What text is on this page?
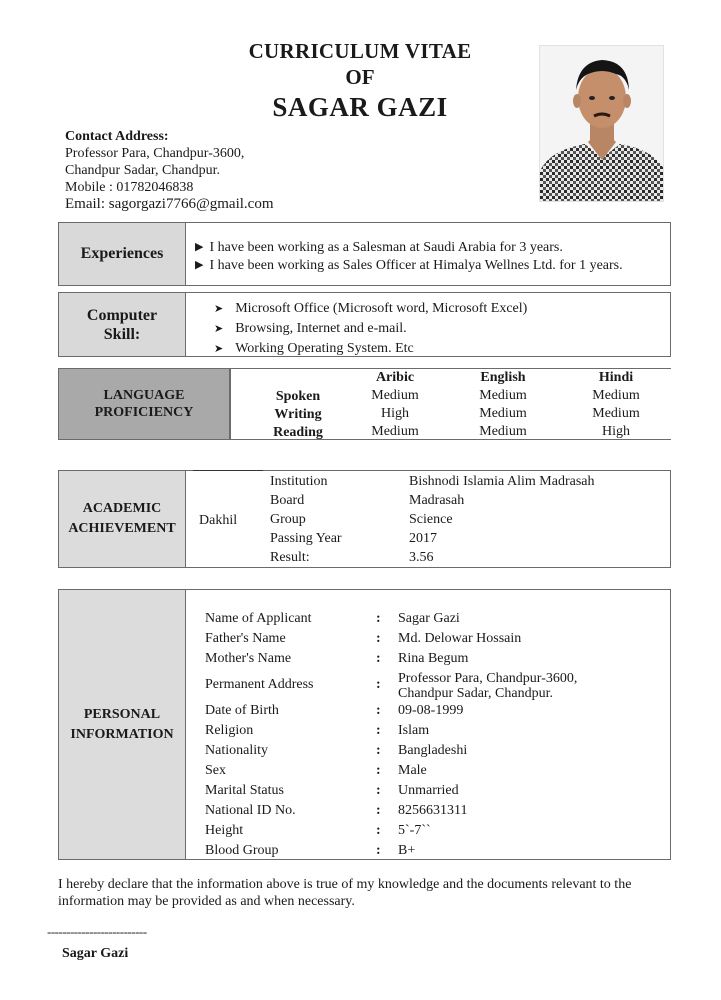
CURRICULUM VITAE
OF
SAGAR GAZI
Contact Address:
Professor Para, Chandpur-3600,
Chandpur Sadar, Chandpur.
Mobile : 01782046838
Email: sagorgazi7766@gmail.com
Experiences
▶	I have been working as a Salesman at Saudi Arabia for 3 years.
▶ I have been working as Sales Officer at Himalya Wellnes Ltd. for 1 years.
Computer
Skill:
➤ Microsoft Office (Microsoft word, Microsoft Excel)
➤ Browsing, Internet and e-mail.
➤ Working Operating System. Etc
LANGUAGE
PROFICIENCY
Spoken
Writing
Reading
Aribic
Medium
High
Medium
English
Medium
Medium
Medium
Hindi
Medium
Medium
High
ACADEMIC
ACHIEVEMENT
Dakhil
Institution	Bishnodi Islamia Alim Madrasah
Board	Madrasah
Group	Science
Passing Year	2017
Result:	3.56
PERSONAL
INFORMATION
Name of Applicant	: Sagar Gazi
Father's Name	: Md. Delowar Hossain
Mother's Name	: Rina Begum
Permanent Address	: Professor Para, Chandpur-3600,
Chandpur Sadar, Chandpur.
Date of Birth	: 09-08-1999
Religion	: Islam
Nationality	: Bangladeshi
Sex	: Male
Marital Status	: Unmarried
National ID No.	: 8256631311
Height	: 5`-7``
Blood Group	: B+
I hereby declare that the information above is true of my knowledge and the documents relevant to the information may be provided as and when necessary.
--------------------------
Sagar Gazi
